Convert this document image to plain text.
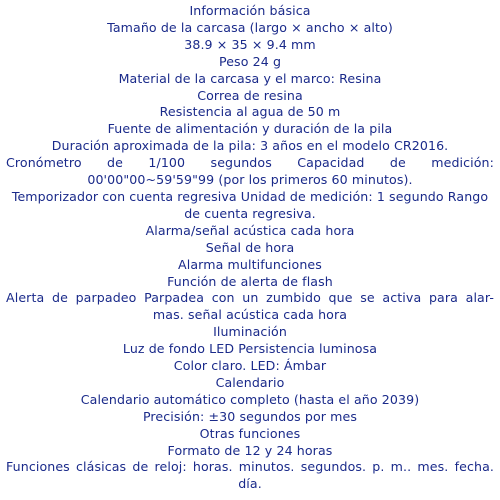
Información básica
Tamaño de la carcasa (largo × ancho × alto)
38.9 × 35 × 9.4 mm
Peso 24 g
Material de la carcasa y el marco: Resina
Correa de resina
Resistencia al agua de 50 m
Fuente de alimentación y duración de la pila
Duración aproximada de la pila: 3 años en el modelo CR2016.
Cronómetro de 1/100 segundos Capacidad de medición:
00'00"00~59'59"99 (por los primeros 60 minutos).
Temporizador con cuenta regresiva Unidad de medición: 1 segundo Rango
de cuenta regresiva.
Alarma/señal acústica cada hora
Señal de hora
Alarma multifunciones
Función de alerta de flash
Alerta de parpadeo Parpadea con un zumbido que se activa para alar-
mas. señal acústica cada hora
Iluminación
Luz de fondo LED Persistencia luminosa
Color claro. LED: Ámbar
Calendario
Calendario automático completo (hasta el año 2039)
Precisión: ±30 segundos por mes
Otras funciones
Formato de 12 y 24 horas
Funciones clásicas de reloj: horas. minutos. segundos. p. m.. mes. fecha.
día.
